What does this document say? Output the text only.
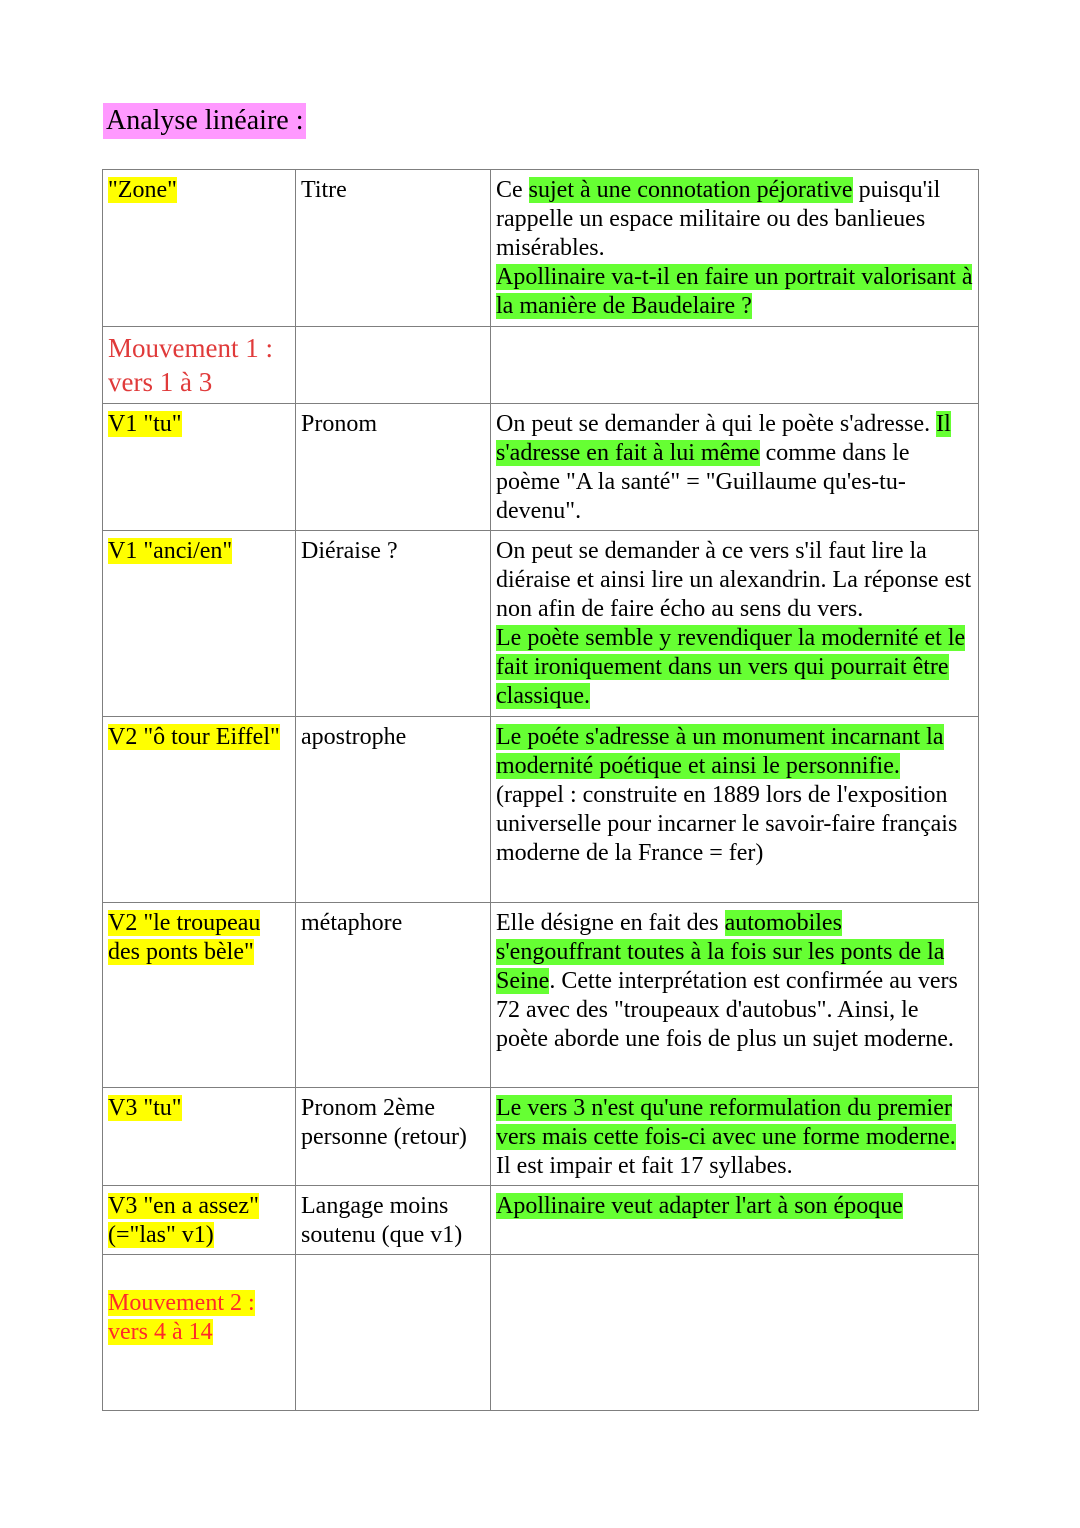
Analyse linéaire :
"Zone"	Titre	Ce sujet à une connotation péjorative puisqu'il rappelle un espace militaire ou des banlieues misérables.
Apollinaire va-t-il en faire un portrait valorisant à la manière de Baudelaire ?
Mouvement 1 : vers 1 à 3		
V1 "tu"	Pronom	On peut se demander à qui le poète s'adresse. Il s'adresse en fait à lui même comme dans le poème "A la santé" = "Guillaume qu'es-tu-devenu".
V1 "anci/en"	Diéraise ?	On peut se demander à ce vers s'il faut lire la diéraise et ainsi lire un alexandrin. La réponse est non afin de faire écho au sens du vers.
Le poète semble y revendiquer la modernité et le fait ironiquement dans un vers qui pourrait être classique.
V2 "ô tour Eiffel"	apostrophe	Le poéte s'adresse à un monument incarnant la modernité poétique et ainsi le personnifie.
(rappel : construite en 1889 lors de l'exposition universelle pour incarner le savoir-faire français moderne de la France = fer)
V2 "le troupeau des ponts bèle"	métaphore	Elle désigne en fait des automobiles s'engouffrant toutes à la fois sur les ponts de la Seine. Cette interprétation est confirmée au vers 72 avec des "troupeaux d'autobus". Ainsi, le poète aborde une fois de plus un sujet moderne.
V3 "tu"	Pronom 2ème personne (retour)	Le vers 3 n'est qu'une reformulation du premier vers mais cette fois-ci avec une forme moderne. Il est impair et fait 17 syllabes.
V3 "en a assez" (="las" v1)	Langage moins soutenu (que v1)	Apollinaire veut adapter l'art à son époque
Mouvement 2 : vers 4 à 14		
